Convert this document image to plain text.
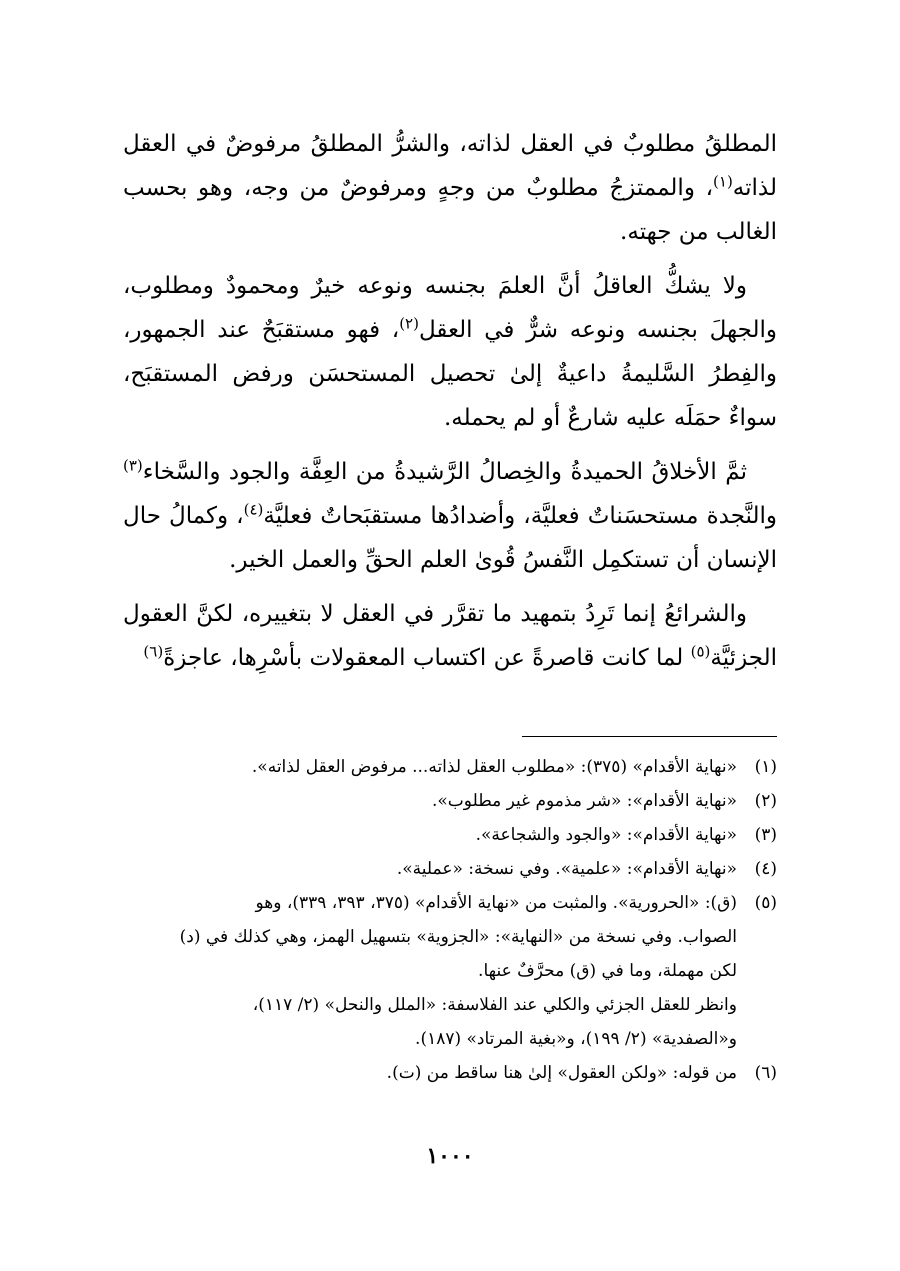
المطلقُ مطلوبٌ في العقل لذاته، والشرُّ المطلقُ مرفوضٌ في العقل لذاته$^{(١)}$، والممتزجُ مطلوبٌ من وجهٍ ومرفوضٌ من وجه، وهو بحسب الغالب من جهته.

ولا يشكُّ العاقلُ أنَّ العلمَ بجنسه ونوعه خيرٌ ومحمودٌ ومطلوب، والجهلَ بجنسه ونوعه شرٌّ في العقل$^{(٢)}$، فهو مستقبَحٌ عند الجمهور، والفِطرُ السَّليمةُ داعيةٌ إلىٰ تحصيل المستحسَن ورفض المستقبَح، سواءٌ حمَلَه عليه شارعٌ أو لم يحمله.

ثمَّ الأخلاقُ الحميدةُ والخِصالُ الرَّشيدةُ من العِفَّة والجود والسَّخاء$^{(٣)}$ والنَّجدة مستحسَناتٌ فعليَّة، وأضدادُها مستقبَحاتٌ فعليَّة$^{(٤)}$، وكمالُ حال الإنسان أن تستكمِل النَّفسُ قُوىٰ العلم الحقِّ والعمل الخير.

والشرائعُ إنما تَرِدُ بتمهيد ما تقرَّر في العقل لا بتغييره، لكنَّ العقول الجزئيَّة$^{(٥)}$ لما كانت قاصرةً عن اكتساب المعقولات بأسْرِها، عاجزةً$^{(٦)}$

(١)
«نهاية الأقدام» (٣٧٥): «مطلوب العقل لذاته... مرفوض العقل لذاته».
(٢)
«نهاية الأقدام»: «شر مذموم غير مطلوب».
(٣)
«نهاية الأقدام»: «والجود والشجاعة».
(٤)
«نهاية الأقدام»: «علمية». وفي نسخة: «عملية».
(٥)
(ق): «الحرورية». والمثبت من «نهاية الأقدام» (٣٧٥، ٣٩٣، ٣٣٩)، وهو
الصواب. وفي نسخة من «النهاية»: «الجزوية» بتسهيل الهمز، وهي كذلك في (د)
لكن مهملة، وما في (ق) محرَّفٌ عنها.
وانظر للعقل الجزئي والكلي عند الفلاسفة: «الملل والنحل» (٢/ ١١٧)،
و«الصفدية» (٢/ ١٩٩)، و«بغية المرتاد» (١٨٧).
(٦)
من قوله: «ولكن العقول» إلىٰ هنا ساقط من (ت).
١٠٠٠
